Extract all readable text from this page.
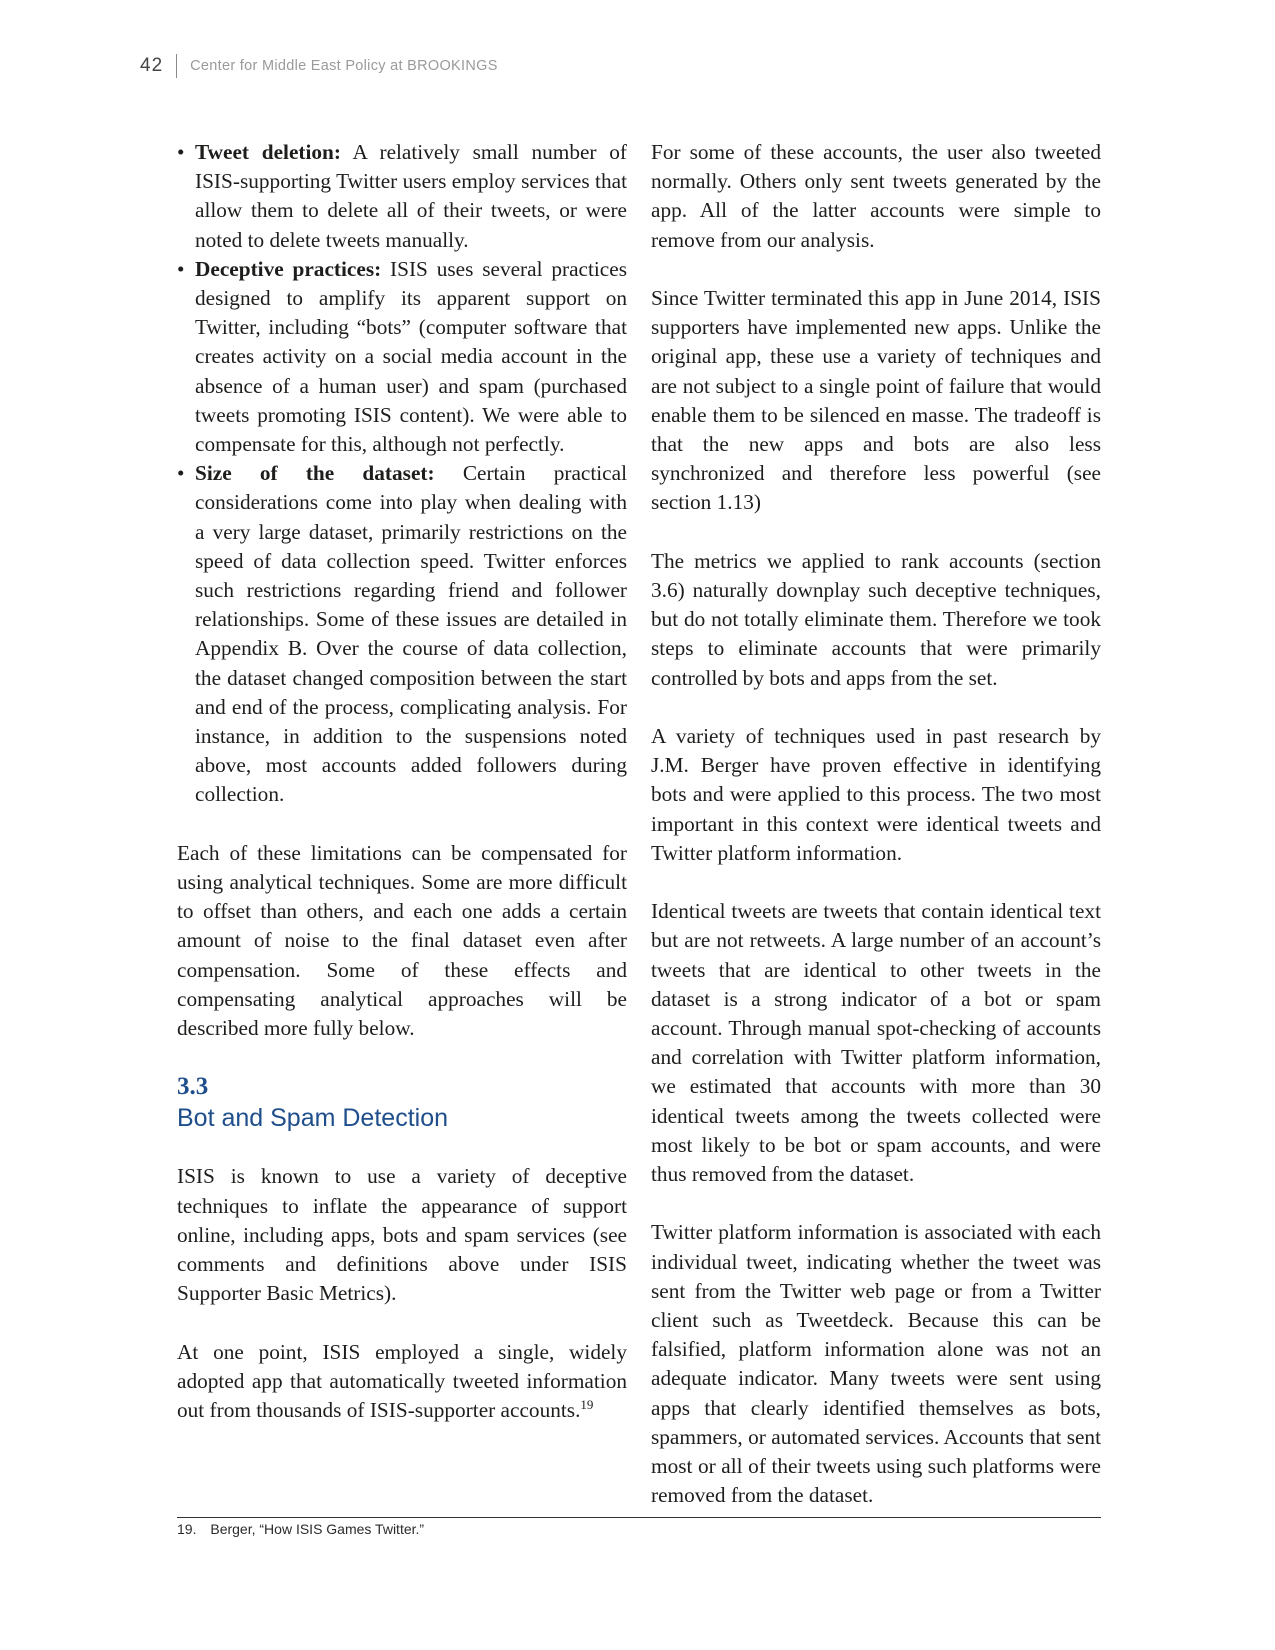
42 Center for Middle East Policy at BROOKINGS
• Tweet deletion: A relatively small number of ISIS-supporting Twitter users employ services that allow them to delete all of their tweets, or were noted to delete tweets manually.
• Deceptive practices: ISIS uses several practices designed to amplify its apparent support on Twitter, including “bots” (computer software that creates activity on a social media account in the absence of a human user) and spam (purchased tweets promoting ISIS content). We were able to compensate for this, although not perfectly.
• Size of the dataset: Certain practical considerations come into play when dealing with a very large dataset, primarily restrictions on the speed of data collection speed. Twitter enforces such restrictions regarding friend and follower relationships. Some of these issues are detailed in Appendix B. Over the course of data collection, the dataset changed composition between the start and end of the process, complicating analysis. For instance, in addition to the suspensions noted above, most accounts added followers during collection.

Each of these limitations can be compensated for using analytical techniques. Some are more difficult to offset than others, and each one adds a certain amount of noise to the final dataset even after compensation. Some of these effects and compensating analytical approaches will be described more fully below.

3.3
Bot and Spam Detection

ISIS is known to use a variety of deceptive techniques to inflate the appearance of support online, including apps, bots and spam services (see comments and definitions above under ISIS Supporter Basic Metrics).

At one point, ISIS employed a single, widely adopted app that automatically tweeted information out from thousands of ISIS-supporter accounts.$^{19}$

For some of these accounts, the user also tweeted normally. Others only sent tweets generated by the app. All of the latter accounts were simple to remove from our analysis.

Since Twitter terminated this app in June 2014, ISIS supporters have implemented new apps. Unlike the original app, these use a variety of techniques and are not subject to a single point of failure that would enable them to be silenced en masse. The tradeoff is that the new apps and bots are also less synchronized and therefore less powerful (see section 1.13)

The metrics we applied to rank accounts (section 3.6) naturally downplay such deceptive techniques, but do not totally eliminate them. Therefore we took steps to eliminate accounts that were primarily controlled by bots and apps from the set.

A variety of techniques used in past research by J.M. Berger have proven effective in identifying bots and were applied to this process. The two most important in this context were identical tweets and Twitter platform information.

Identical tweets are tweets that contain identical text but are not retweets. A large number of an account’s tweets that are identical to other tweets in the dataset is a strong indicator of a bot or spam account. Through manual spot-checking of accounts and correlation with Twitter platform information, we estimated that accounts with more than 30 identical tweets among the tweets collected were most likely to be bot or spam accounts, and were thus removed from the dataset.

Twitter platform information is associated with each individual tweet, indicating whether the tweet was sent from the Twitter web page or from a Twitter client such as Tweetdeck. Because this can be falsified, platform information alone was not an adequate indicator. Many tweets were sent using apps that clearly identified themselves as bots, spammers, or automated services. Accounts that sent most or all of their tweets using such platforms were removed from the dataset.

19. Berger, “How ISIS Games Twitter.”
